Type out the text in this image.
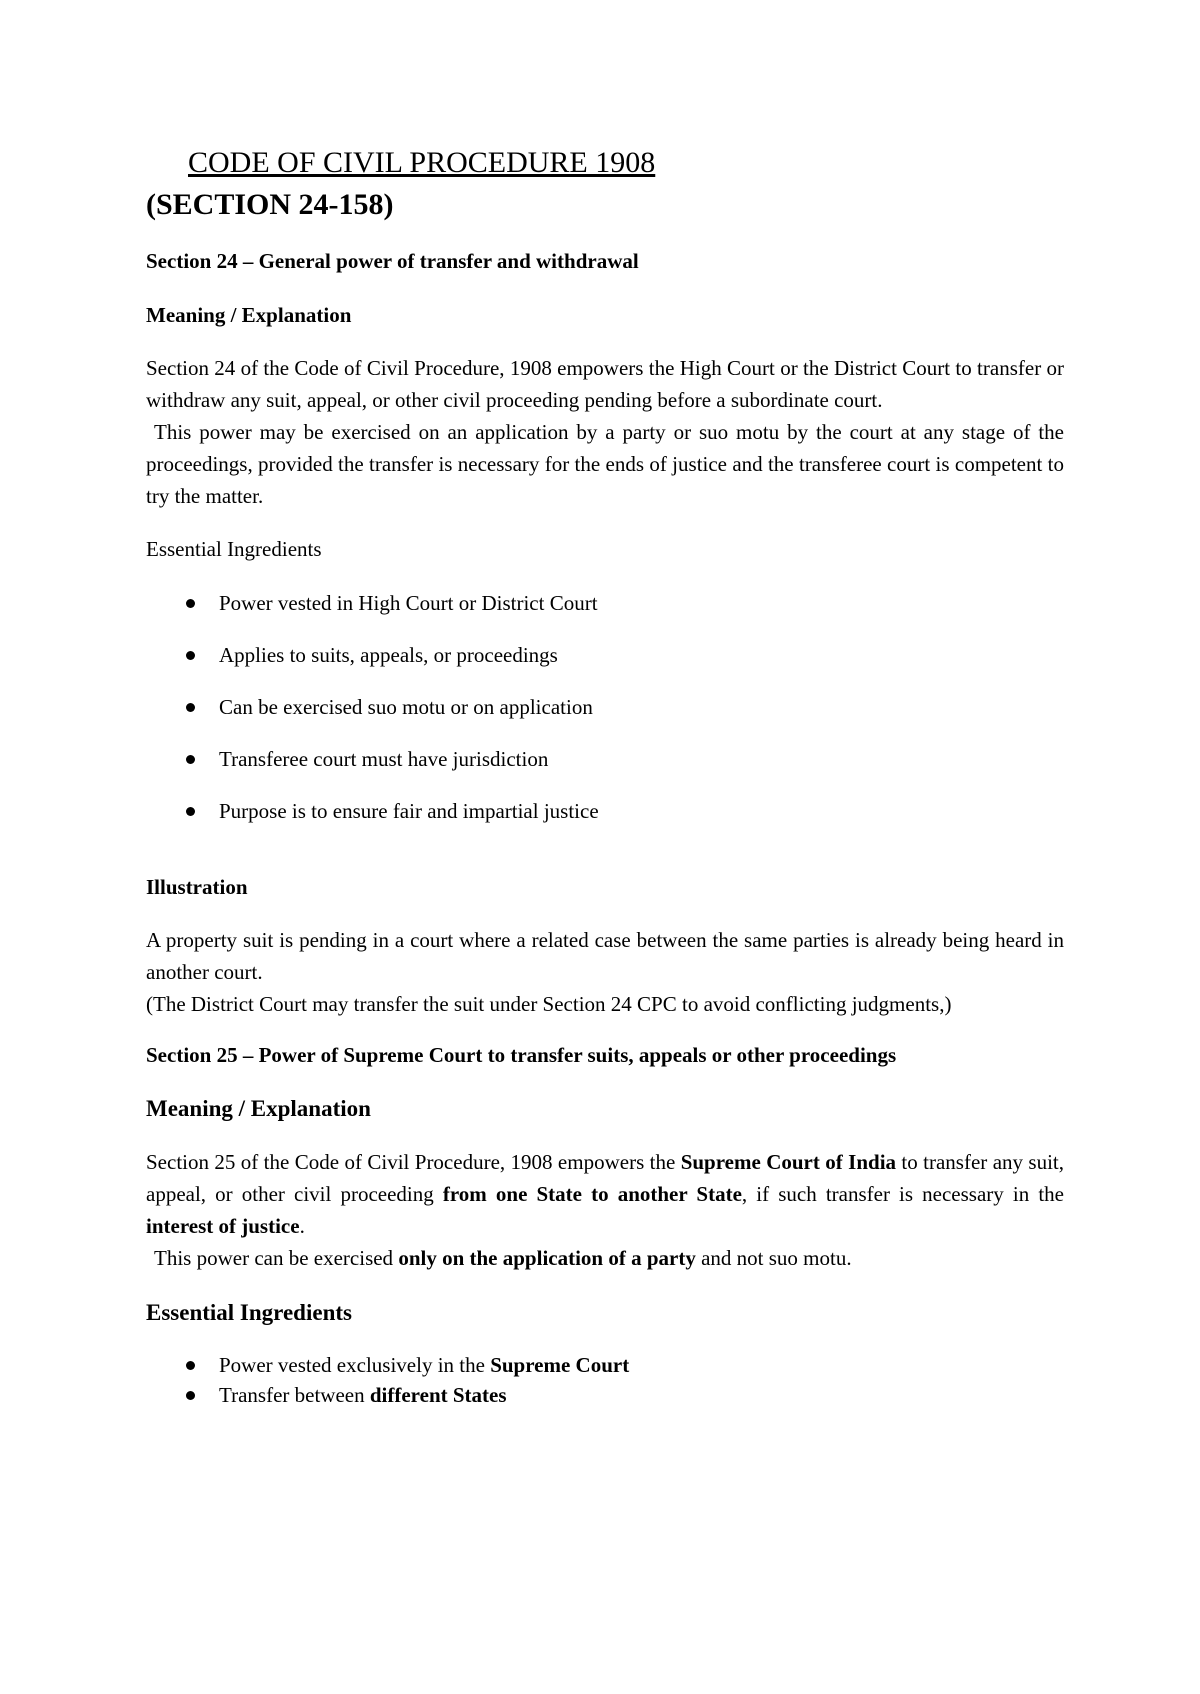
CODE OF CIVIL PROCEDURE 1908
(SECTION 24-158)

Section 24 – General power of transfer and withdrawal

Meaning / Explanation

Section 24 of the Code of Civil Procedure, 1908 empowers the High Court or the District Court to transfer or withdraw any suit, appeal, or other civil proceeding pending before a subordinate court.

This power may be exercised on an application by a party or suo motu by the court at any stage of the proceedings, provided the transfer is necessary for the ends of justice and the transferee court is competent to try the matter.

Essential Ingredients

Power vested in High Court or District Court
Applies to suits, appeals, or proceedings
Can be exercised suo motu or on application
Transferee court must have jurisdiction
Purpose is to ensure fair and impartial justice

Illustration

A property suit is pending in a court where a related case between the same parties is already being heard in another court.

(The District Court may transfer the suit under Section 24 CPC to avoid conflicting judgments,)

Section 25 – Power of Supreme Court to transfer suits, appeals or other proceedings

Meaning / Explanation

Section 25 of the Code of Civil Procedure, 1908 empowers the Supreme Court of India to transfer any suit, appeal, or other civil proceeding from one State to another State, if such transfer is necessary in the interest of justice.

This power can be exercised only on the application of a party and not suo motu.

Essential Ingredients

Power vested exclusively in the Supreme Court
Transfer between different States
